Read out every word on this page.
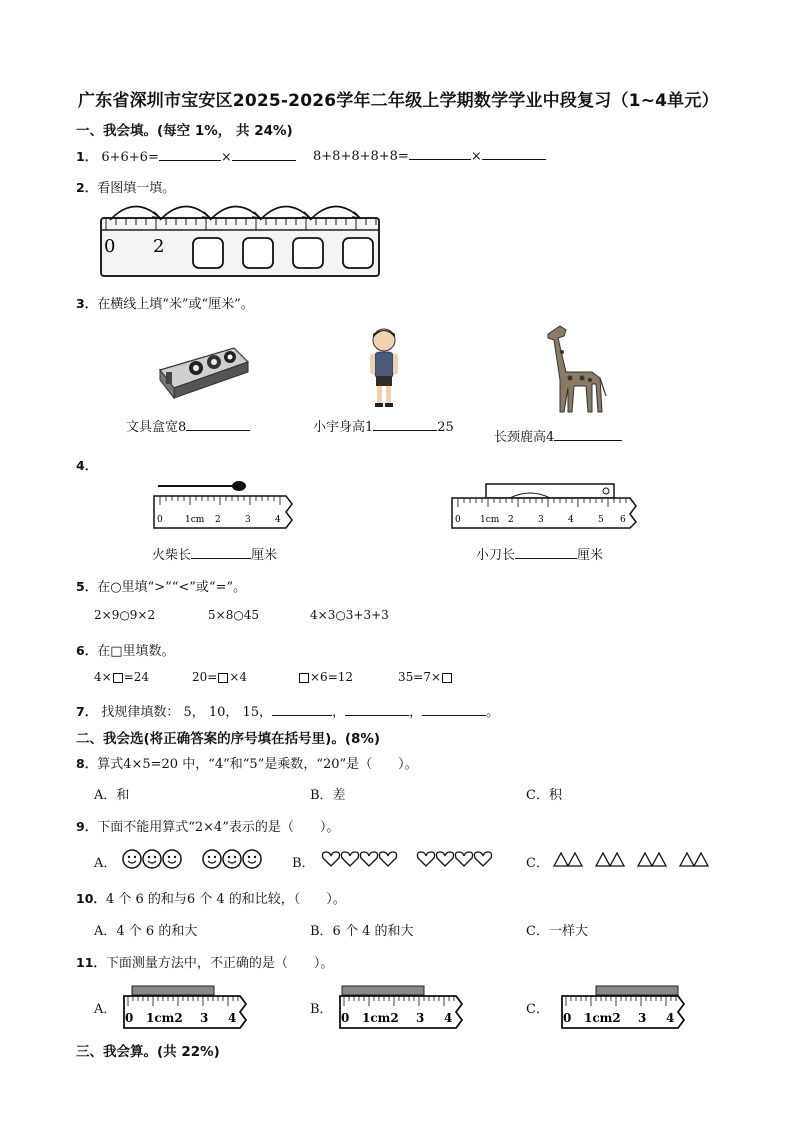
广东省深圳市宝安区2025-2026学年二年级上学期数学学业中段复习（1~4单元）
一、我会填。(每空 1%， 共 24%)
1． 6+6+6=	×	8+8+8+8+8=	×
2．看图填一填。
0 2
3．在横线上填“米”或“厘米”。
文具盒宽8	小宇身高1	25
长颈鹿高4
4．
0 1cm 2	3	4	0 1cm 2	3	4	5 6
火柴长	厘米	小刀长	厘米
5．在○里填“>”“<”或“=”。
2×9○9×2	5×8○45	4×3○3+3+3
6．在□里填数。
4× =24	20= ×4	×6=12	35=7×
7． 找规律填数： 5， 10， 15，	，	，	。
二、我会选(将正确答案的序号填在括号里)。(8%)
8．算式4×5=20 中，“4”和“5”是乘数，“20”是（　　）。
A．和	B．差	C．积
9．下面不能用算式“2×4”表示的是（　　）。
A．	B．	C．
10．4 个 6 的和与6 个 4 的和比较，（　　）。
A．4 个 6 的和大	B．6 个 4 的和大	C．一样大
11．下面测量方法中，不正确的是（　　）。
A．
0 1cm2 3 4
B．
0 1cm2 3 4
C．
0 1cm2 3 4
三、我会算。(共 22%)
